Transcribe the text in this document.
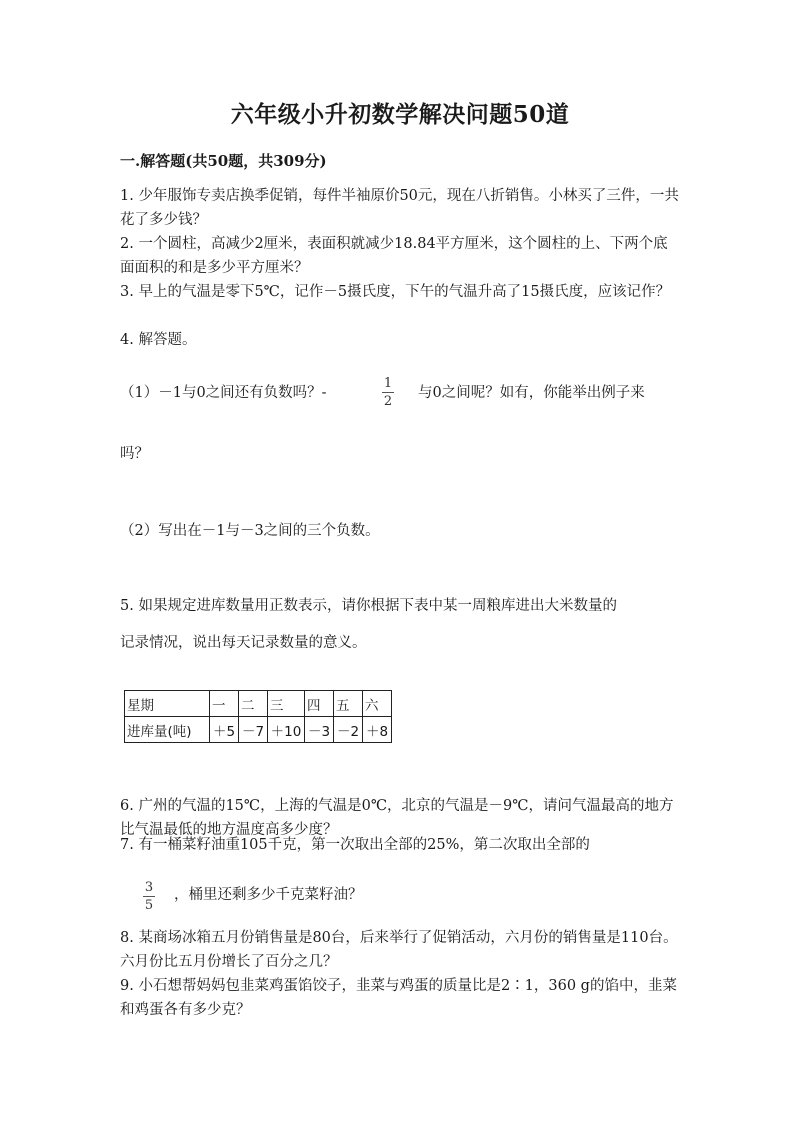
六年级小升初数学解决问题50道
一.解答题(共50题，共309分)
1. 少年服饰专卖店换季促销，每件半袖原价50元，现在八折销售。小林买了三件，一共花了多少钱？
2. 一个圆柱，高减少2厘米，表面积就减少18.84平方厘米，这个圆柱的上、下两个底面面积的和是多少平方厘米？
3. 早上的气温是零下5℃，记作－5摄氏度，下午的气温升高了15摄氏度，应该记作？
4. 解答题。
（1）－1与0之间还有负数吗？-
1
2
与0之间呢？如有，你能举出例子来
吗？
（2）写出在－1与－3之间的三个负数。
5. 如果规定进库数量用正数表示，请你根据下表中某一周粮库进出大米数量的
记录情况，说出每天记录数量的意义。
星期	一	二	三	四	五	六
进库量(吨)	＋5	－7	＋10	－3	－2	＋8
6. 广州的气温的15℃，上海的气温是0℃，北京的气温是－9℃，请问气温最高的地方比气温最低的地方温度高多少度？
7. 有一桶菜籽油重105千克，第一次取出全部的25%，第二次取出全部的
3
5
，桶里还剩多少千克菜籽油？
8. 某商场冰箱五月份销售量是80台，后来举行了促销活动，六月份的销售量是110台。六月份比五月份增长了百分之几？
9. 小石想帮妈妈包韭菜鸡蛋馅饺子，韭菜与鸡蛋的质量比是2∶1，360 g的馅中，韭菜和鸡蛋各有多少克？
